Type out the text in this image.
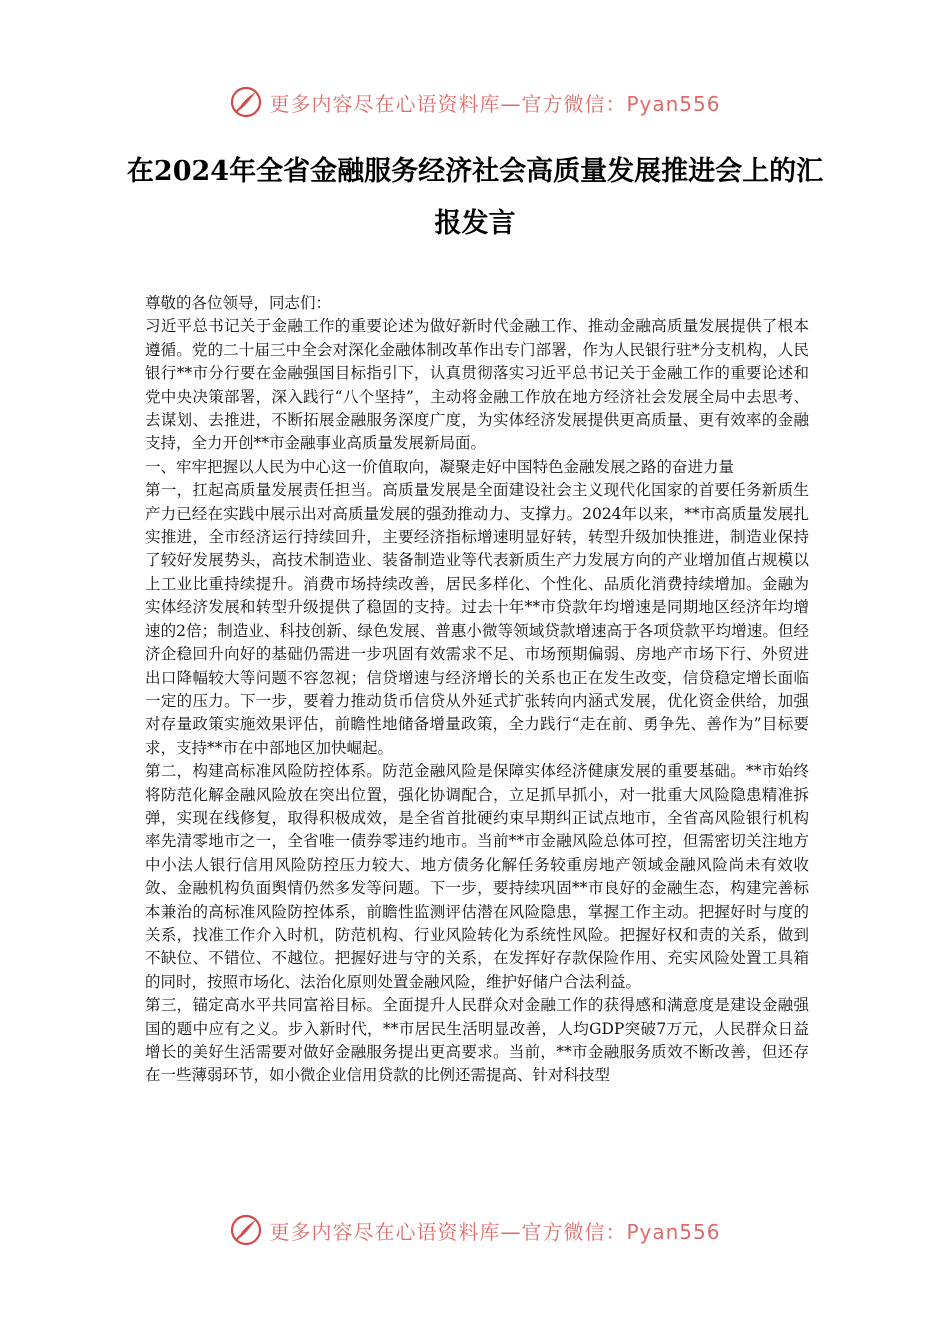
更多内容尽在心语资料库—官方微信：Pyan556
在2024年全省金融服务经济社会高质量发展推进会上的汇报发言

尊敬的各位领导，同志们：

习近平总书记关于金融工作的重要论述为做好新时代金融工作、推动金融高质量发展提供了根本遵循。党的二十届三中全会对深化金融体制改革作出专门部署，作为人民银行驻*分支机构，人民银行**市分行要在金融强国目标指引下，认真贯彻落实习近平总书记关于金融工作的重要论述和党中央决策部署，深入践行“八个坚持”，主动将金融工作放在地方经济社会发展全局中去思考、去谋划、去推进，不断拓展金融服务深度广度，为实体经济发展提供更高质量、更有效率的金融支持，全力开创**市金融事业高质量发展新局面。

一、牢牢把握以人民为中心这一价值取向，凝聚走好中国特色金融发展之路的奋进力量

第一，扛起高质量发展责任担当。高质量发展是全面建设社会主义现代化国家的首要任务新质生产力已经在实践中展示出对高质量发展的强劲推动力、支撑力。2024年以来，**市高质量发展扎实推进，全市经济运行持续回升，主要经济指标增速明显好转，转型升级加快推进，制造业保持了较好发展势头，高技术制造业、装备制造业等代表新质生产力发展方向的产业增加值占规模以上工业比重持续提升。消费市场持续改善，居民多样化、个性化、品质化消费持续增加。金融为实体经济发展和转型升级提供了稳固的支持。过去十年**市贷款年均增速是同期地区经济年均增速的2倍；制造业、科技创新、绿色发展、普惠小微等领域贷款增速高于各项贷款平均增速。但经济企稳回升向好的基础仍需进一步巩固有效需求不足、市场预期偏弱、房地产市场下行、外贸进出口降幅较大等问题不容忽视；信贷增速与经济增长的关系也正在发生改变，信贷稳定增长面临一定的压力。下一步，要着力推动货币信贷从外延式扩张转向内涵式发展，优化资金供给，加强对存量政策实施效果评估，前瞻性地储备增量政策，全力践行“走在前、勇争先、善作为”目标要求，支持**市在中部地区加快崛起。

第二，构建高标准风险防控体系。防范金融风险是保障实体经济健康发展的重要基础。**市始终将防范化解金融风险放在突出位置，强化协调配合，立足抓早抓小，对一批重大风险隐患精准拆弹，实现在线修复，取得积极成效，是全省首批硬约束早期纠正试点地市，全省高风险银行机构率先清零地市之一，全省唯一债券零违约地市。当前**市金融风险总体可控，但需密切关注地方中小法人银行信用风险防控压力较大、地方债务化解任务较重房地产领域金融风险尚未有效收敛、金融机构负面舆情仍然多发等问题。下一步，要持续巩固**市良好的金融生态，构建完善标本兼治的高标准风险防控体系，前瞻性监测评估潜在风险隐患，掌握工作主动。把握好时与度的关系，找准工作介入时机，防范机构、行业风险转化为系统性风险。把握好权和责的关系，做到不缺位、不错位、不越位。把握好进与守的关系，在发挥好存款保险作用、充实风险处置工具箱的同时，按照市场化、法治化原则处置金融风险，维护好储户合法利益。

第三，锚定高水平共同富裕目标。全面提升人民群众对金融工作的获得感和满意度是建设金融强国的题中应有之义。步入新时代，**市居民生活明显改善，人均GDP突破7万元，人民群众日益增长的美好生活需要对做好金融服务提出更高要求。当前，**市金融服务质效不断改善，但还存在一些薄弱环节，如小微企业信用贷款的比例还需提高、针对科技型

更多内容尽在心语资料库—官方微信：Pyan556
